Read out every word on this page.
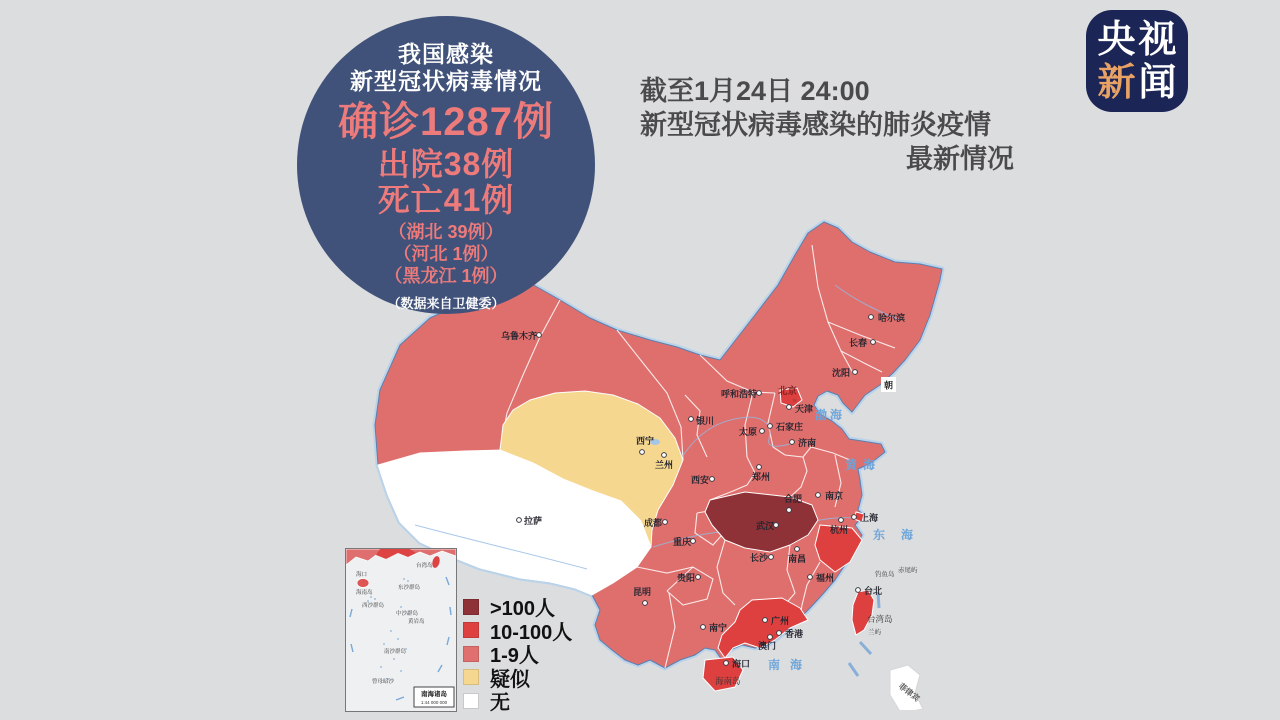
菲律宾
朝
渤海
黄海
东海
南海
乌鲁木齐
哈尔滨
长春
沈阳
★
北京
天津
呼和浩特
石家庄
太原
济南
银川
西宁
兰州
西安	郑州
合肥	南京
上海
杭州
武汉
成都
重庆
长沙 南昌
贵阳
昆明
福州
台北
南宁
广州
香港
澳门
海口
拉萨
海南岛
台湾岛
钓鱼岛
赤尾屿
兰屿
我国感染
新型冠状病毒情况
确诊1287例
出院38例
死亡41例
（湖北 39例）
（河北 1例）
（黑龙江 1例）
（数据来自卫健委）
截至1月24日 24:00
新型冠状病毒感染的肺炎疫情
最新情况
央 视
新 闻
>100人
10-100人
1-9人
疑似
无
海口
海南岛
台湾岛
东沙群岛
西沙群岛
中沙群岛
黄岩岛
南沙群岛
曾母暗沙
南海诸岛
1:44 000 000
